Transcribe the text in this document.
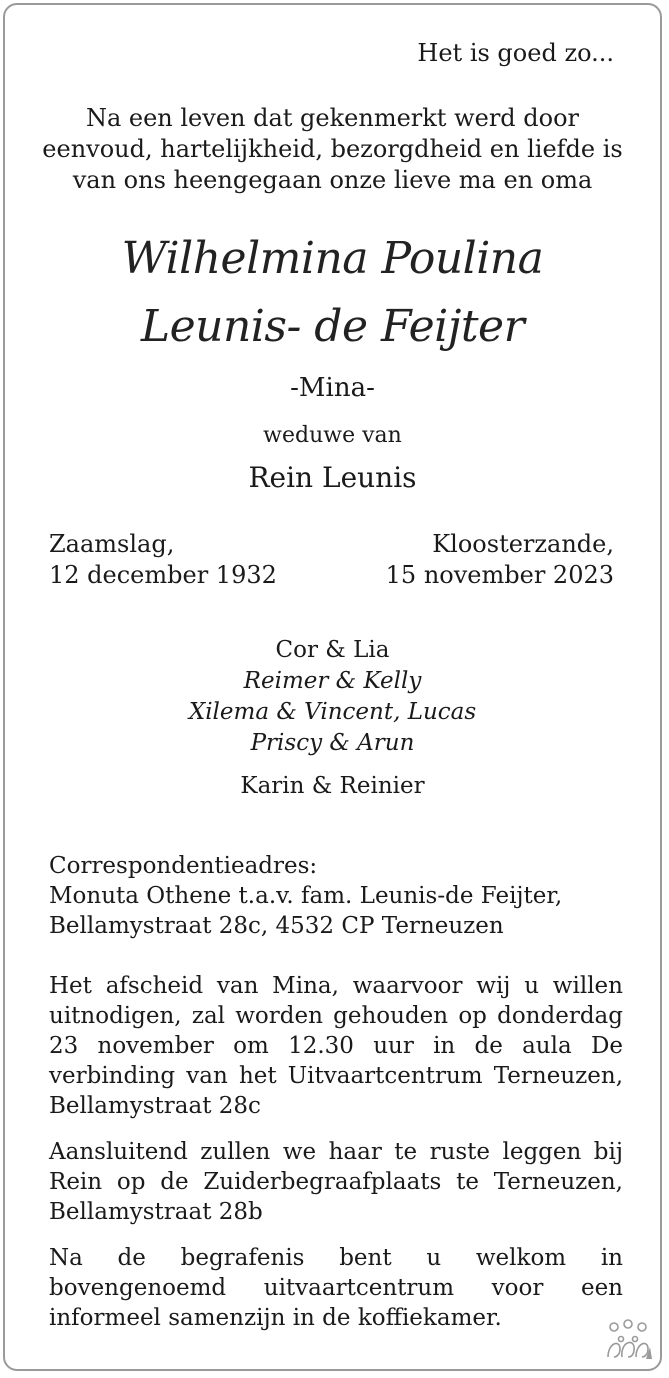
Het is goed zo...
Na een leven dat gekenmerkt werd door
eenvoud, hartelijkheid, bezorgdheid en liefde is
van ons heengegaan onze lieve ma en oma
Wilhelmina Poulina
Leunis- de Feijter
-Mina-
weduwe van
Rein Leunis
Zaamslag,
12 december 1932
Kloosterzande,
15 november 2023
Cor & Lia
Reimer & Kelly
Xilema & Vincent, Lucas
Priscy & Arun
Karin & Reinier
Correspondentieadres:
Monuta Othene t.a.v. fam. Leunis-de Feijter,
Bellamystraat 28c, 4532 CP Terneuzen
Het afscheid van Mina, waarvoor wij u willen uitnodigen, zal worden gehouden op donderdag 23 november om 12.30 uur in de aula De verbinding van het Uitvaartcentrum Terneuzen, Bellamystraat 28c
Aansluitend zullen we haar te ruste leggen bij Rein op de Zuiderbegraafplaats te Terneuzen, Bellamystraat 28b
Na de begrafenis bent u welkom in bovengenoemd uitvaartcentrum voor een informeel samenzijn in de koffiekamer.
